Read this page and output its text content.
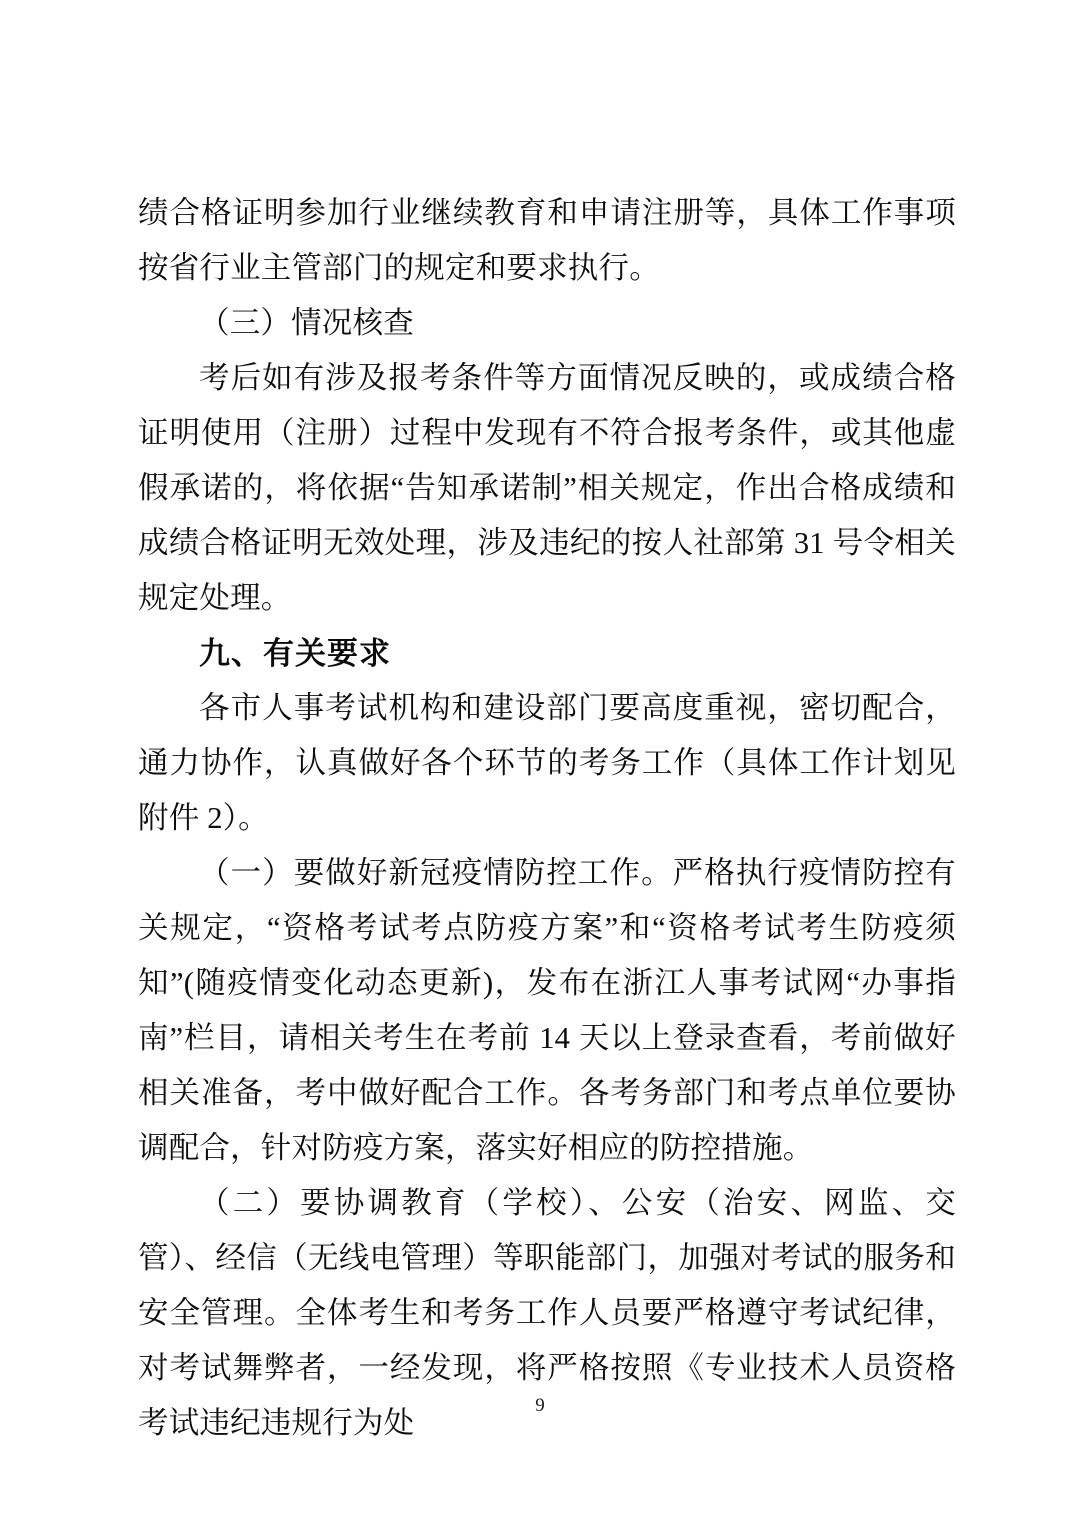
绩合格证明参加行业继续教育和申请注册等，具体工作事项按省行业主管部门的规定和要求执行。

（三）情况核查

考后如有涉及报考条件等方面情况反映的，或成绩合格证明使用（注册）过程中发现有不符合报考条件，或其他虚假承诺的，将依据“告知承诺制”相关规定，作出合格成绩和成绩合格证明无效处理，涉及违纪的按人社部第 31 号令相关规定处理。

九、有关要求

各市人事考试机构和建设部门要高度重视，密切配合，通力协作，认真做好各个环节的考务工作（具体工作计划见附件 2）。

（一）要做好新冠疫情防控工作。严格执行疫情防控有关规定，“资格考试考点防疫方案”和“资格考试考生防疫须知”(随疫情变化动态更新)，发布在浙江人事考试网“办事指南”栏目，请相关考生在考前 14 天以上登录查看，考前做好相关准备，考中做好配合工作。各考务部门和考点单位要协调配合，针对防疫方案，落实好相应的防控措施。

（二）要协调教育（学校）、公安（治安、网监、交管）、经信（无线电管理）等职能部门，加强对考试的服务和安全管理。全体考生和考务工作人员要严格遵守考试纪律，对考试舞弊者，一经发现，将严格按照《专业技术人员资格考试违纪违规行为处

9
